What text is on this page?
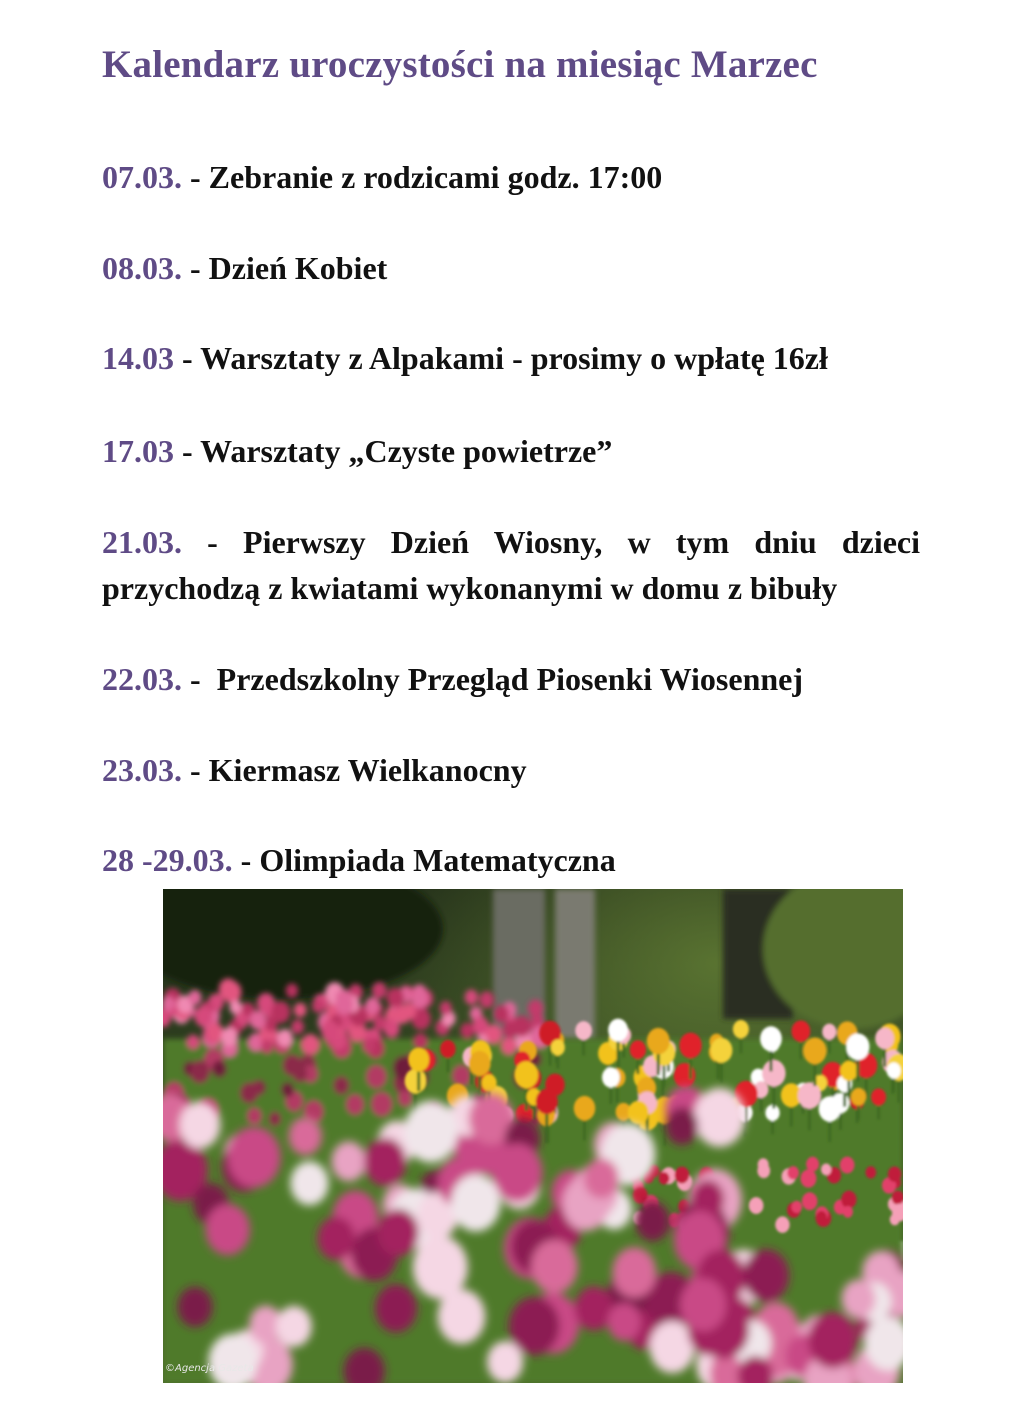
Kalendarz uroczystości na miesiąc Marzec

07.03. - Zebranie z rodzicami godz. 17:00

08.03. - Dzień Kobiet

14.03 - Warsztaty z Alpakami - prosimy o wpłatę 16zł

17.03 - Warsztaty „Czyste powietrze”

21.03. - Pierwszy Dzień Wiosny, w tym dniu dzieci przychodzą z kwiatami wykonanymi w domu z bibuły

22.03. -  Przedszkolny Przegląd Piosenki Wiosennej

23.03. - Kiermasz Wielkanocny

28 -29.03. - Olimpiada Matematyczna

©Agencja Gazeta
